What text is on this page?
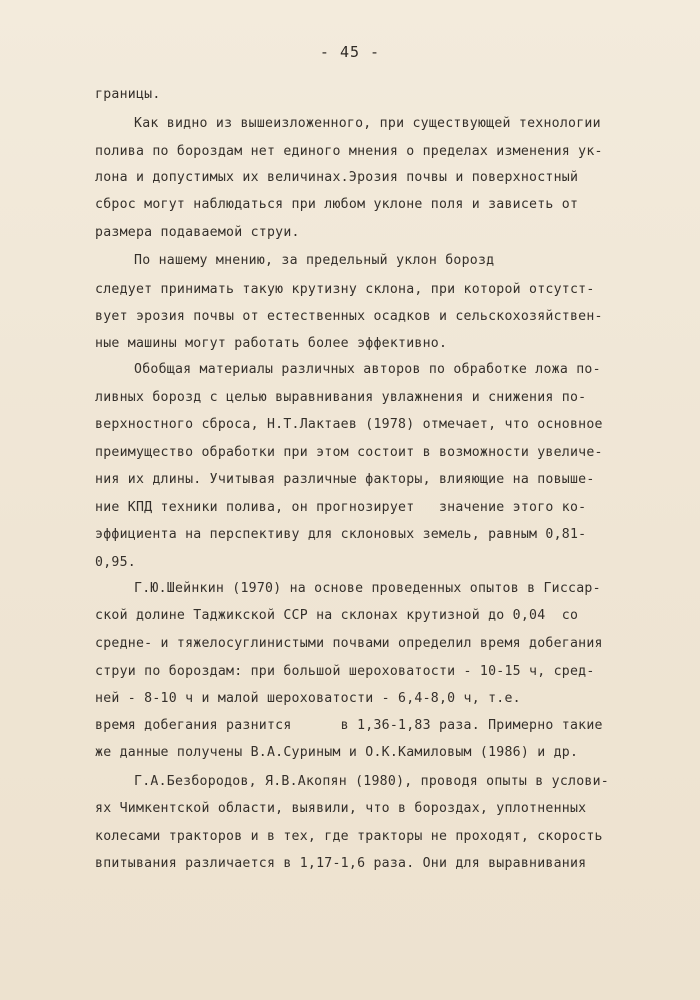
- 45 -
границы.
Как видно из вышеизложенного, при существующей технологии
полива по бороздам нет единого мнения о пределах изменения ук-
лона и допустимых их величинах.Эрозия почвы и поверхностный
сброс могут наблюдаться при любом уклоне поля и зависеть от
размера подаваемой струи.
По нашему мнению, за предельный уклон борозд
следует принимать такую крутизну склона, при которой отсутст-
вует эрозия почвы от естественных осадков и сельскохозяйствен-
ные машины могут работать более эффективно.
Обобщая материалы различных авторов по обработке ложа по-
ливных борозд с целью выравнивания увлажнения и снижения по-
верхностного сброса, Н.Т.Лактаев (1978) отмечает, что основное
преимущество обработки при этом состоит в возможности увеличе-
ния их длины. Учитывая различные факторы, влияющие на повыше-
ние КПД техники полива, он прогнозирует   значение этого ко-
эффициента на перспективу для склоновых земель, равным 0,81-
0,95.
Г.Ю.Шейнкин (1970) на основе проведенных опытов в Гиссар-
ской долине Таджикской ССР на склонах крутизной до 0,04  со
средне- и тяжелосуглинистыми почвами определил время добегания
струи по бороздам: при большой шероховатости - 10-15 ч, сред-
ней - 8-10 ч и малой шероховатости - 6,4-8,0 ч, т.е.
время добегания разнится      в 1,36-1,83 раза. Примерно такие
же данные получены В.А.Суриным и О.К.Камиловым (1986) и др.
Г.А.Безбородов, Я.В.Акопян (1980), проводя опыты в услови-
ях Чимкентской области, выявили, что в бороздах, уплотненных
колесами тракторов и в тех, где тракторы не проходят, скорость
впитывания различается в 1,17-1,6 раза. Они для выравнивания
